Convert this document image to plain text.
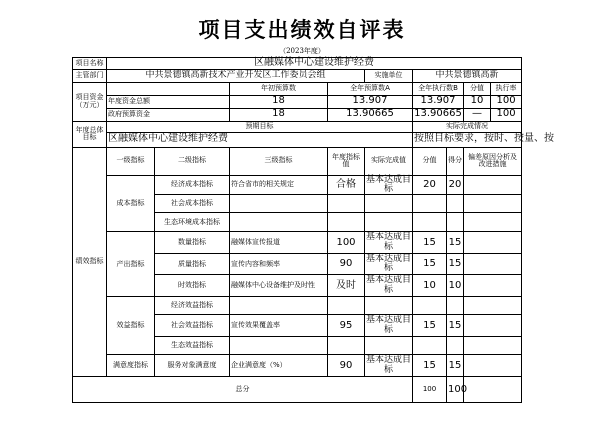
项目支出绩效自评表
（2023年度）
项目名称	区融媒体中心建设维护经费								
主管部门	中共景德镇高新技术产业开发区工作委员会组				实施单位	中共景德镇高新			
项目资金（万元）			年初预算数	全年预算数A		全年执行数B		分值	执行率
	年度资金总额		18	13.907		13.907		10	100
	政府预算资金		18	13.90665		13.90665		—	100
年度总体目标	预期目标					实际完成情况			
	区融媒体中心建设维护经费					按照目标要求，按时、按量、按			
绩效指标	一级指标	二级指标	三级指标	年度指标值	实际完成值	分值	得分	偏差原因分析及改进措施	
	成本指标	经济成本指标	符合省市的相关规定	合格	基本达成目标	20	20		
		社会成本指标							
		生态环境成本指标							
	产出指标	数量指标	融媒体宣传报道	100	基本达成目标	15	15		
		质量指标	宣传内容和频率	90	基本达成目标	15	15		
		时效指标	融媒体中心设备维护及时性	及时	基本达成目标	10	10		
	效益指标	经济效益指标							
		社会效益指标	宣传效果覆盖率	95	基本达成目标	15	15		
		生态效益指标							
	满意度指标	服务对象满意度	企业满意度（%）	90	基本达成目标	15	15		
总分						100	100		
